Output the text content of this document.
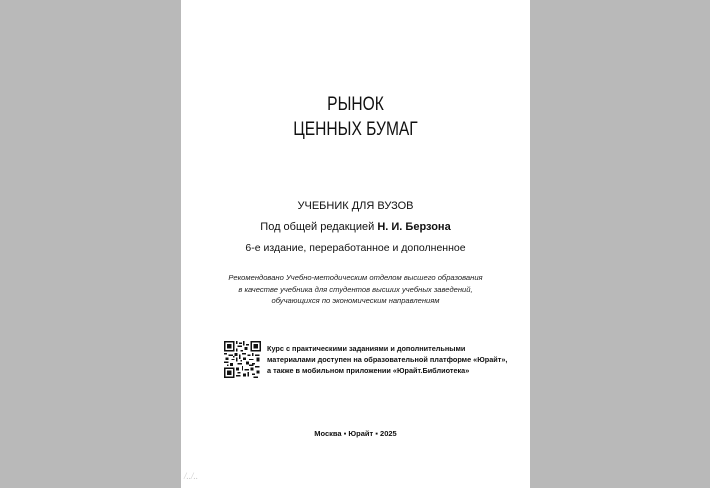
РЫНОК
ЦЕННЫХ БУМАГ
УЧЕБНИК ДЛЯ ВУЗОВ
Под общей редакцией Н. И. Берзона
6-е издание, переработанное и дополненное
Рекомендовано Учебно-методическим отделом высшего образования
в качестве учебника для студентов высших учебных заведений,
обучающихся по экономическим направлениям
Курс с практическими заданиями и дополнительными
материалами доступен на образовательной платформе «Юрайт»,
а также в мобильном приложении «Юрайт.Библиотека»
Москва ▪ Юрайт ▪ 2025
/../..
